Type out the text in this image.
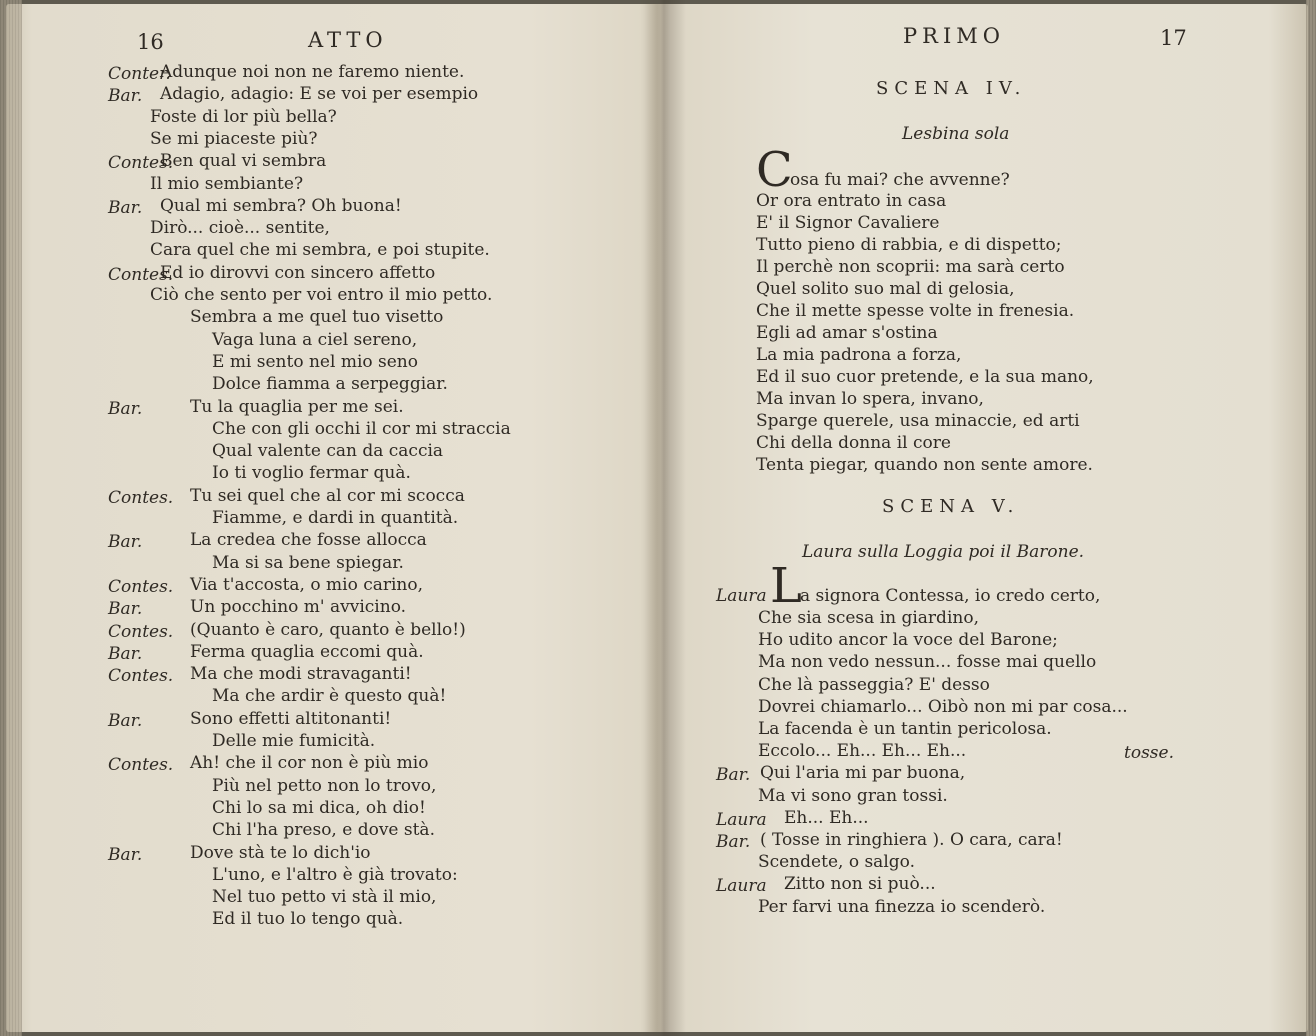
16	ATTO
Conter.
Adunque noi non ne faremo niente.
Bar. Adagio, adagio: E se voi per esempio
Foste di lor più bella?
Se mi piaceste più?
Contes.
Ben qual vi sembra
Il mio sembiante?
Bar. Qual mi sembra? Oh buona!
Dirò... cioè... sentite,
Cara quel che mi sembra, e poi stupite.
Contes.
Ed io dirovvi con sincero affetto
Ciò che sento per voi entro il mio petto.
Sembra a me quel tuo visetto
Vaga luna a ciel sereno,
E mi sento nel mio seno
Dolce fiamma a serpeggiar.
Bar.	Tu la quaglia per me sei.
Che con gli occhi il cor mi straccia
Qual valente can da caccia
Io ti voglio fermar quà.
Contes. Tu sei quel che al cor mi scocca
Fiamme, e dardi in quantità.
Bar.	La credea che fosse allocca
Ma si sa bene spiegar.
Contes. Via t'accosta, o mio carino,
Bar.	Un pocchino m' avvicino.
Contes. (Quanto è caro, quanto è bello!)
Bar.	Ferma quaglia eccomi quà.
Contes. Ma che modi stravaganti!
Ma che ardir è questo quà!
Bar.	Sono effetti altitonanti!
Delle mie fumicità.
Contes. Ah! che il cor non è più mio
Più nel petto non lo trovo,
Chi lo sa mi dica, oh dio!
Chi l'ha preso, e dove stà.
Bar.	Dove stà te lo dich'io
L'uno, e l'altro è già trovato:
Nel tuo petto vi stà il mio,
Ed il tuo lo tengo quà.
PRIMO	17
SCENA IV.
Lesbina sola
C
osa fu mai? che avvenne?
Or ora entrato in casa
E' il Signor Cavaliere
Tutto pieno di rabbia, e di dispetto;
Il perchè non scoprii: ma sarà certo
Quel solito suo mal di gelosia,
Che il mette spesse volte in frenesia.
Egli ad amar s'ostina
La mia padrona a forza,
Ed il suo cuor pretende, e la sua mano,
Ma invan lo spera, invano,
Sparge querele, usa minaccie, ed arti
Chi della donna il core
Tenta piegar, quando non sente amore.
SCENA V.
Laura sulla Loggia poi il Barone.
Laura L
a signora Contessa, io credo certo,
Che sia scesa in giardino,
Ho udito ancor la voce del Barone;
Ma non vedo nessun... fosse mai quello
Che là passeggia? E' desso
Dovrei chiamarlo... Oibò non mi par cosa...
La facenda è un tantin pericolosa.
Eccolo... Eh... Eh... Eh...	tosse.
Bar. Qui l'aria mi par buona,
Ma vi sono gran tossi.
Laura Eh... Eh...
Bar. ( Tosse in ringhiera ). O cara, cara!
Scendete, o salgo.
Laura Zitto non si può...
Per farvi una finezza io scenderò.
